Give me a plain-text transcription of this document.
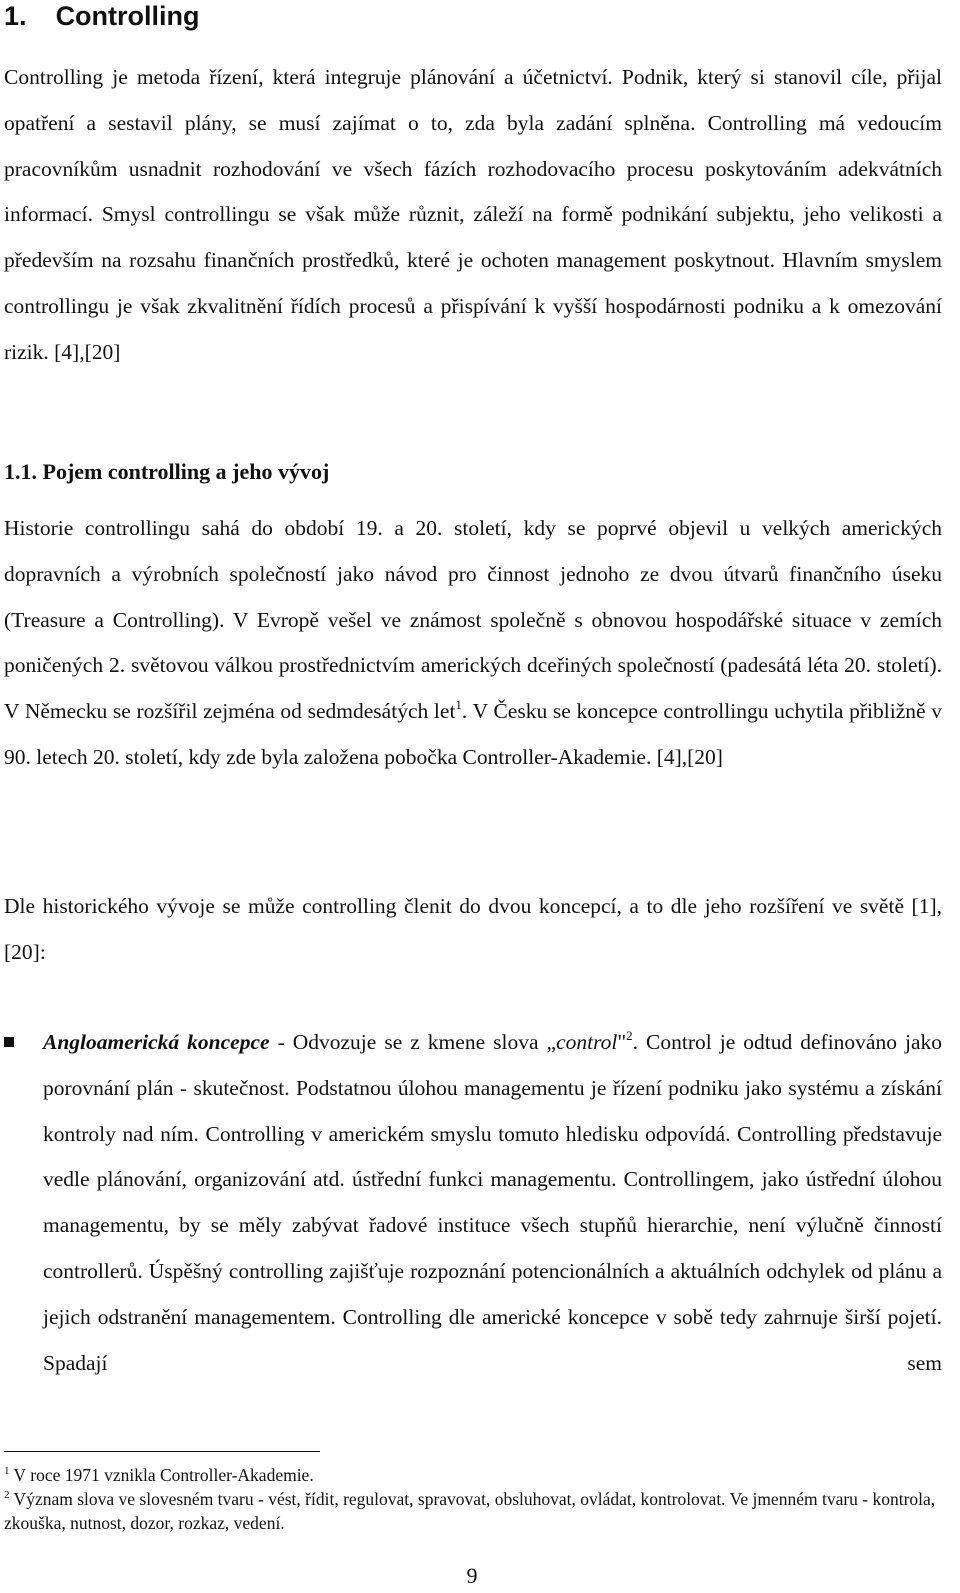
1. Controlling

Controlling je metoda řízení, která integruje plánování a účetnictví. Podnik, který si stanovil cíle, přijal opatření a sestavil plány, se musí zajímat o to, zda byla zadání splněna. Controlling má vedoucím pracovníkům usnadnit rozhodování ve všech fázích rozhodovacího procesu poskytováním adekvátních informací. Smysl controllingu se však může různit, záleží na formě podnikání subjektu, jeho velikosti a především na rozsahu finančních prostředků, které je ochoten management poskytnout. Hlavním smyslem controllingu je však zkvalitnění řídích procesů a přispívání k vyšší hospodárnosti podniku a k omezování rizik. [4],[20]

1.1. Pojem controlling a jeho vývoj

Historie controllingu sahá do období 19. a 20. století, kdy se poprvé objevil u velkých amerických dopravních a výrobních společností jako návod pro činnost jednoho ze dvou útvarů finančního úseku (Treasure a Controlling). V Evropě vešel ve známost společně s obnovou hospodářské situace v zemích poničených 2. světovou válkou prostřednictvím amerických dceřiných společností (padesátá léta 20. století). V Německu se rozšířil zejména od sedmdesátých let$^1$. V Česku se koncepce controllingu uchytila přibližně v 90. letech 20. století, kdy zde byla založena pobočka Controller-Akademie. [4],[20]

Dle historického vývoje se může controlling členit do dvou koncepcí, a to dle jeho rozšíření ve světě [1],[20]:

Angloamerická koncepce - Odvozuje se z kmene slova „control"$^2$. Control je odtud definováno jako porovnání plán - skutečnost. Podstatnou úlohou managementu je řízení podniku jako systému a získání kontroly nad ním. Controlling v americkém smyslu tomuto hledisku odpovídá. Controlling představuje vedle plánování, organizování atd. ústřední funkci managementu. Controllingem, jako ústřední úlohou managementu, by se měly zabývat řadové instituce všech stupňů hierarchie, není výlučně činností controllerů. Úspěšný controlling zajišťuje rozpoznání potencionálních a aktuálních odchylek od plánu a jejich odstranění managementem. Controlling dle americké koncepce v sobě tedy zahrnuje širší pojetí. Spadají sem

$^1$ V roce 1971 vznikla Controller-Akademie.

$^2$ Význam slova ve slovesném tvaru - vést, řídit, regulovat, spravovat, obsluhovat, ovládat, kontrolovat. Ve jmenném tvaru - kontrola, zkouška, nutnost, dozor, rozkaz, vedení.

9
